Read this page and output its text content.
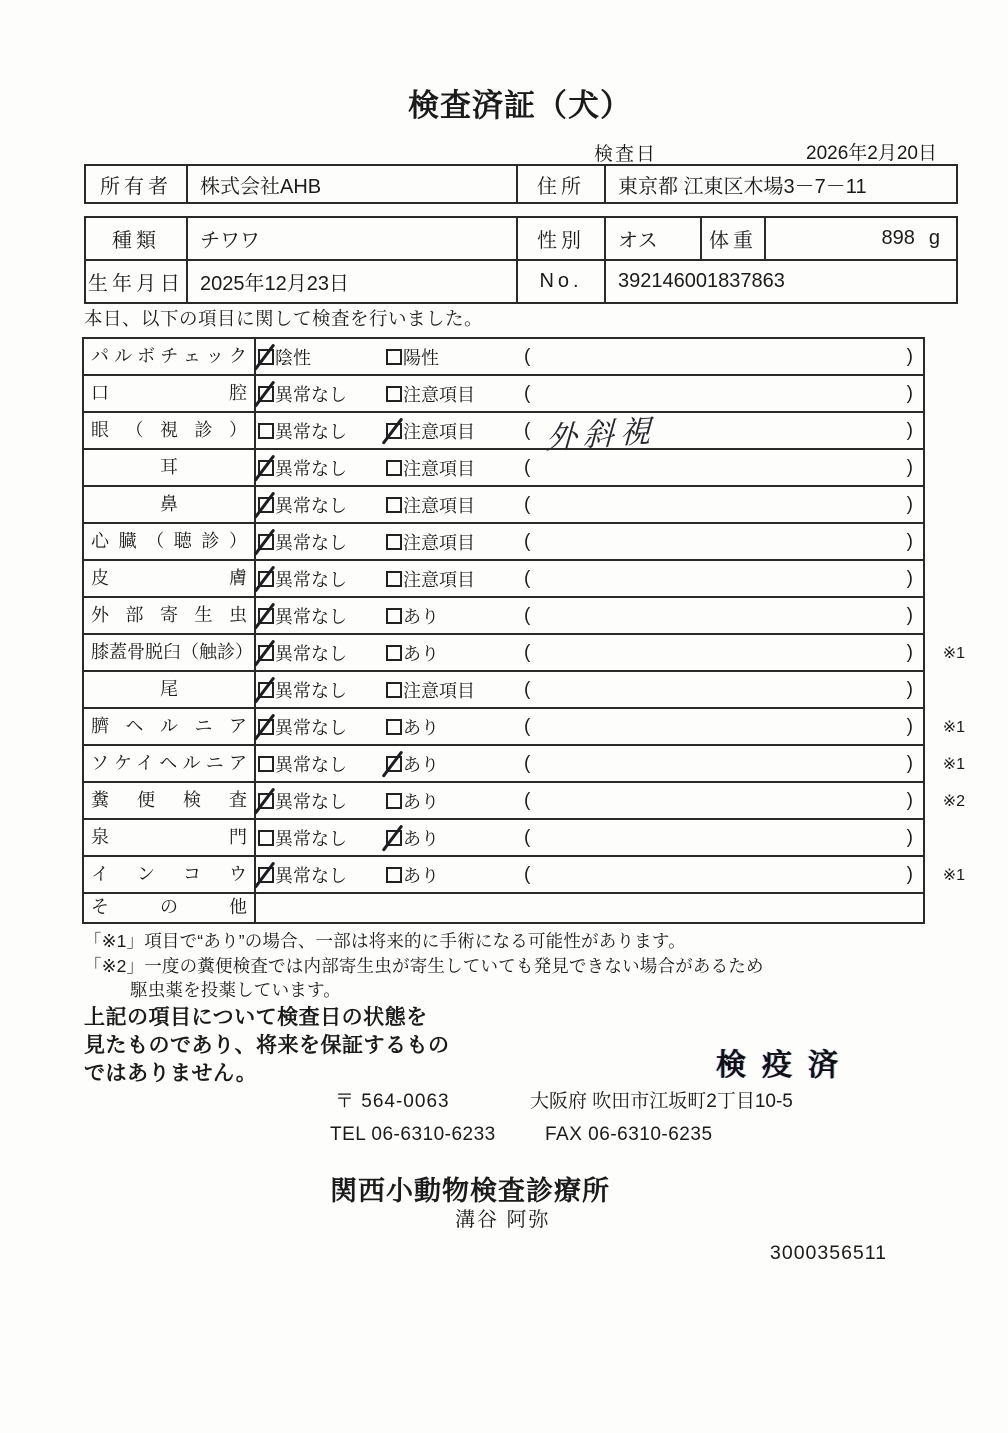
検査済証（犬）
検査日	2026年2月20日
所有者	株式会社AHB	住所	東京都 江東区木場3－7－11
種類	チワワ	性別	オス	体重	898 g
生年月日 2025年12月23日	No.	392146001837863
本日、以下の項目に関して検査を行いました。
パルボチェック	陰性	陽性	(	)
口腔	異常なし	注意項目	(	)
眼（視診）	異常なし	注意項目	( 外斜視	)
耳	異常なし	注意項目	(	)
鼻	異常なし	注意項目	(	)
心臓（聴診）	異常なし	注意項目	(	)
皮膚	異常なし	注意項目	(	)
外部寄生虫	異常なし	あり	(	)
膝蓋骨脱臼（触診） 異常なし	あり	(	) ※1
尾	異常なし	注意項目	(	)
臍ヘルニア	異常なし	あり	(	) ※1
ソケイヘルニア	異常なし	あり	(	) ※1
糞便検査	異常なし	あり	(	) ※2
泉門	異常なし	あり	(	)
インコウ	異常なし	あり	(	) ※1
その他
「※1」項目で“あり”の場合、一部は将来的に手術になる可能性があります。
「※2」一度の糞便検査では内部寄生虫が寄生していても発見できない場合があるため
駆虫薬を投薬しています。
上記の項目について検査日の状態を
見たものであり、将来を保証するもの
ではありません。	検疫済
〒 564-0063	大阪府 吹田市江坂町2丁目10-5
TEL 06-6310-6233	FAX 06-6310-6235
関西小動物検査診療所
溝谷 阿弥
3000356511
